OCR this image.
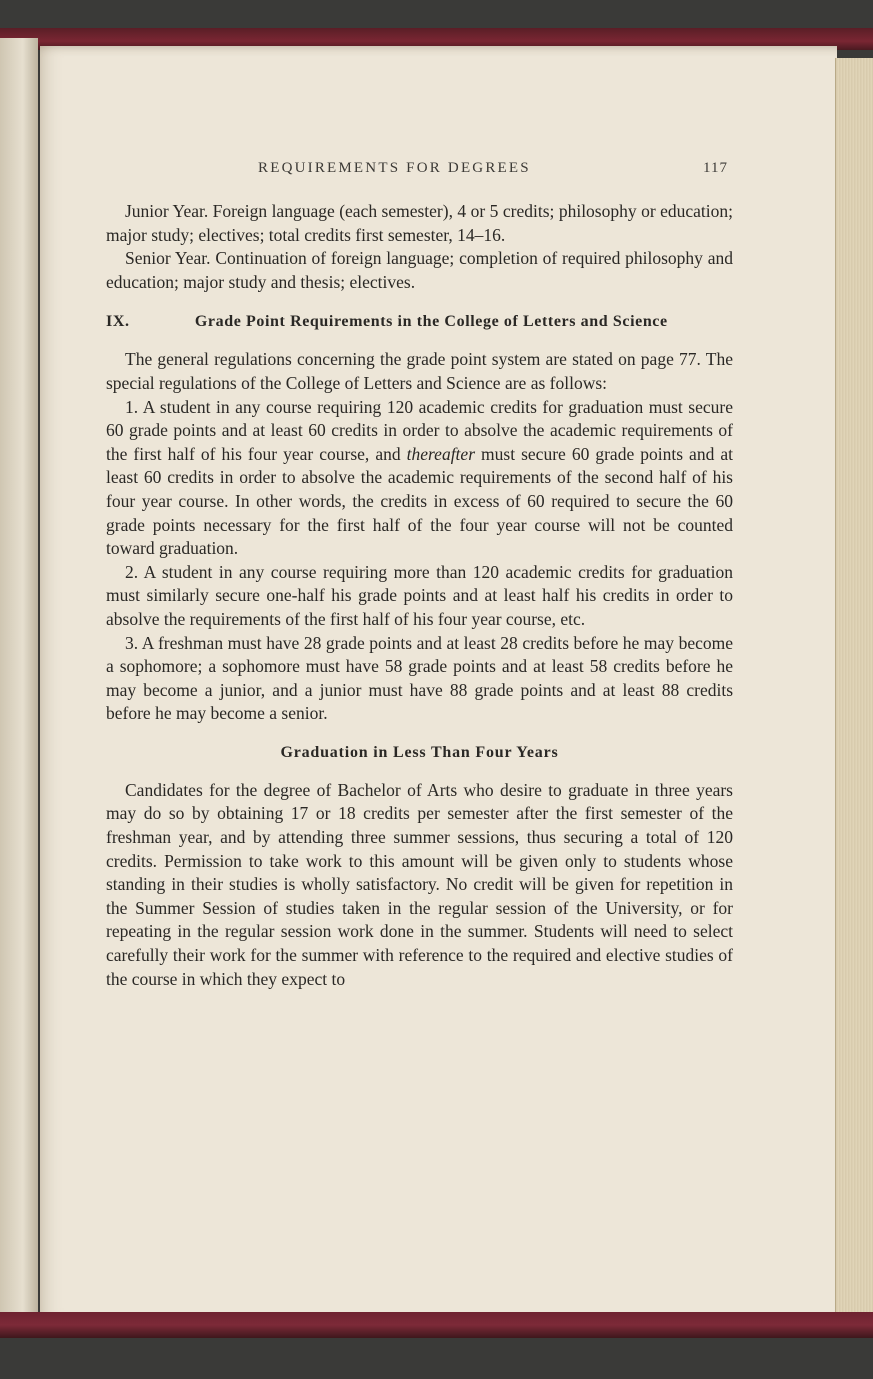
REQUIREMENTS FOR DEGREES	117

Junior Year. Foreign language (each semester), 4 or 5 credits; philosophy or education; major study; electives; total credits first semester, 14–16.

Senior Year. Continuation of foreign language; completion of required philosophy and education; major study and thesis; electives.

IX.	Grade Point Requirements in the College of Letters and Science

The general regulations concerning the grade point system are stated on page 77. The special regulations of the College of Letters and Science are as follows:

1. A student in any course requiring 120 academic credits for graduation must secure 60 grade points and at least 60 credits in order to absolve the academic requirements of the first half of his four year course, and thereafter must secure 60 grade points and at least 60 credits in order to absolve the academic requirements of the second half of his four year course. In other words, the credits in excess of 60 required to secure the 60 grade points necessary for the first half of the four year course will not be counted toward graduation.

2. A student in any course requiring more than 120 academic credits for graduation must similarly secure one-half his grade points and at least half his credits in order to absolve the requirements of the first half of his four year course, etc.

3. A freshman must have 28 grade points and at least 28 credits before he may become a sophomore; a sophomore must have 58 grade points and at least 58 credits before he may become a junior, and a junior must have 88 grade points and at least 88 credits before he may become a senior.

Graduation in Less Than Four Years

Candidates for the degree of Bachelor of Arts who desire to graduate in three years may do so by obtaining 17 or 18 credits per semester after the first semester of the freshman year, and by attending three summer sessions, thus securing a total of 120 credits. Permission to take work to this amount will be given only to students whose standing in their studies is wholly satisfactory. No credit will be given for repetition in the Summer Session of studies taken in the regular session of the University, or for repeating in the regular session work done in the summer. Students will need to select carefully their work for the summer with reference to the required and elective studies of the course in which they expect to
